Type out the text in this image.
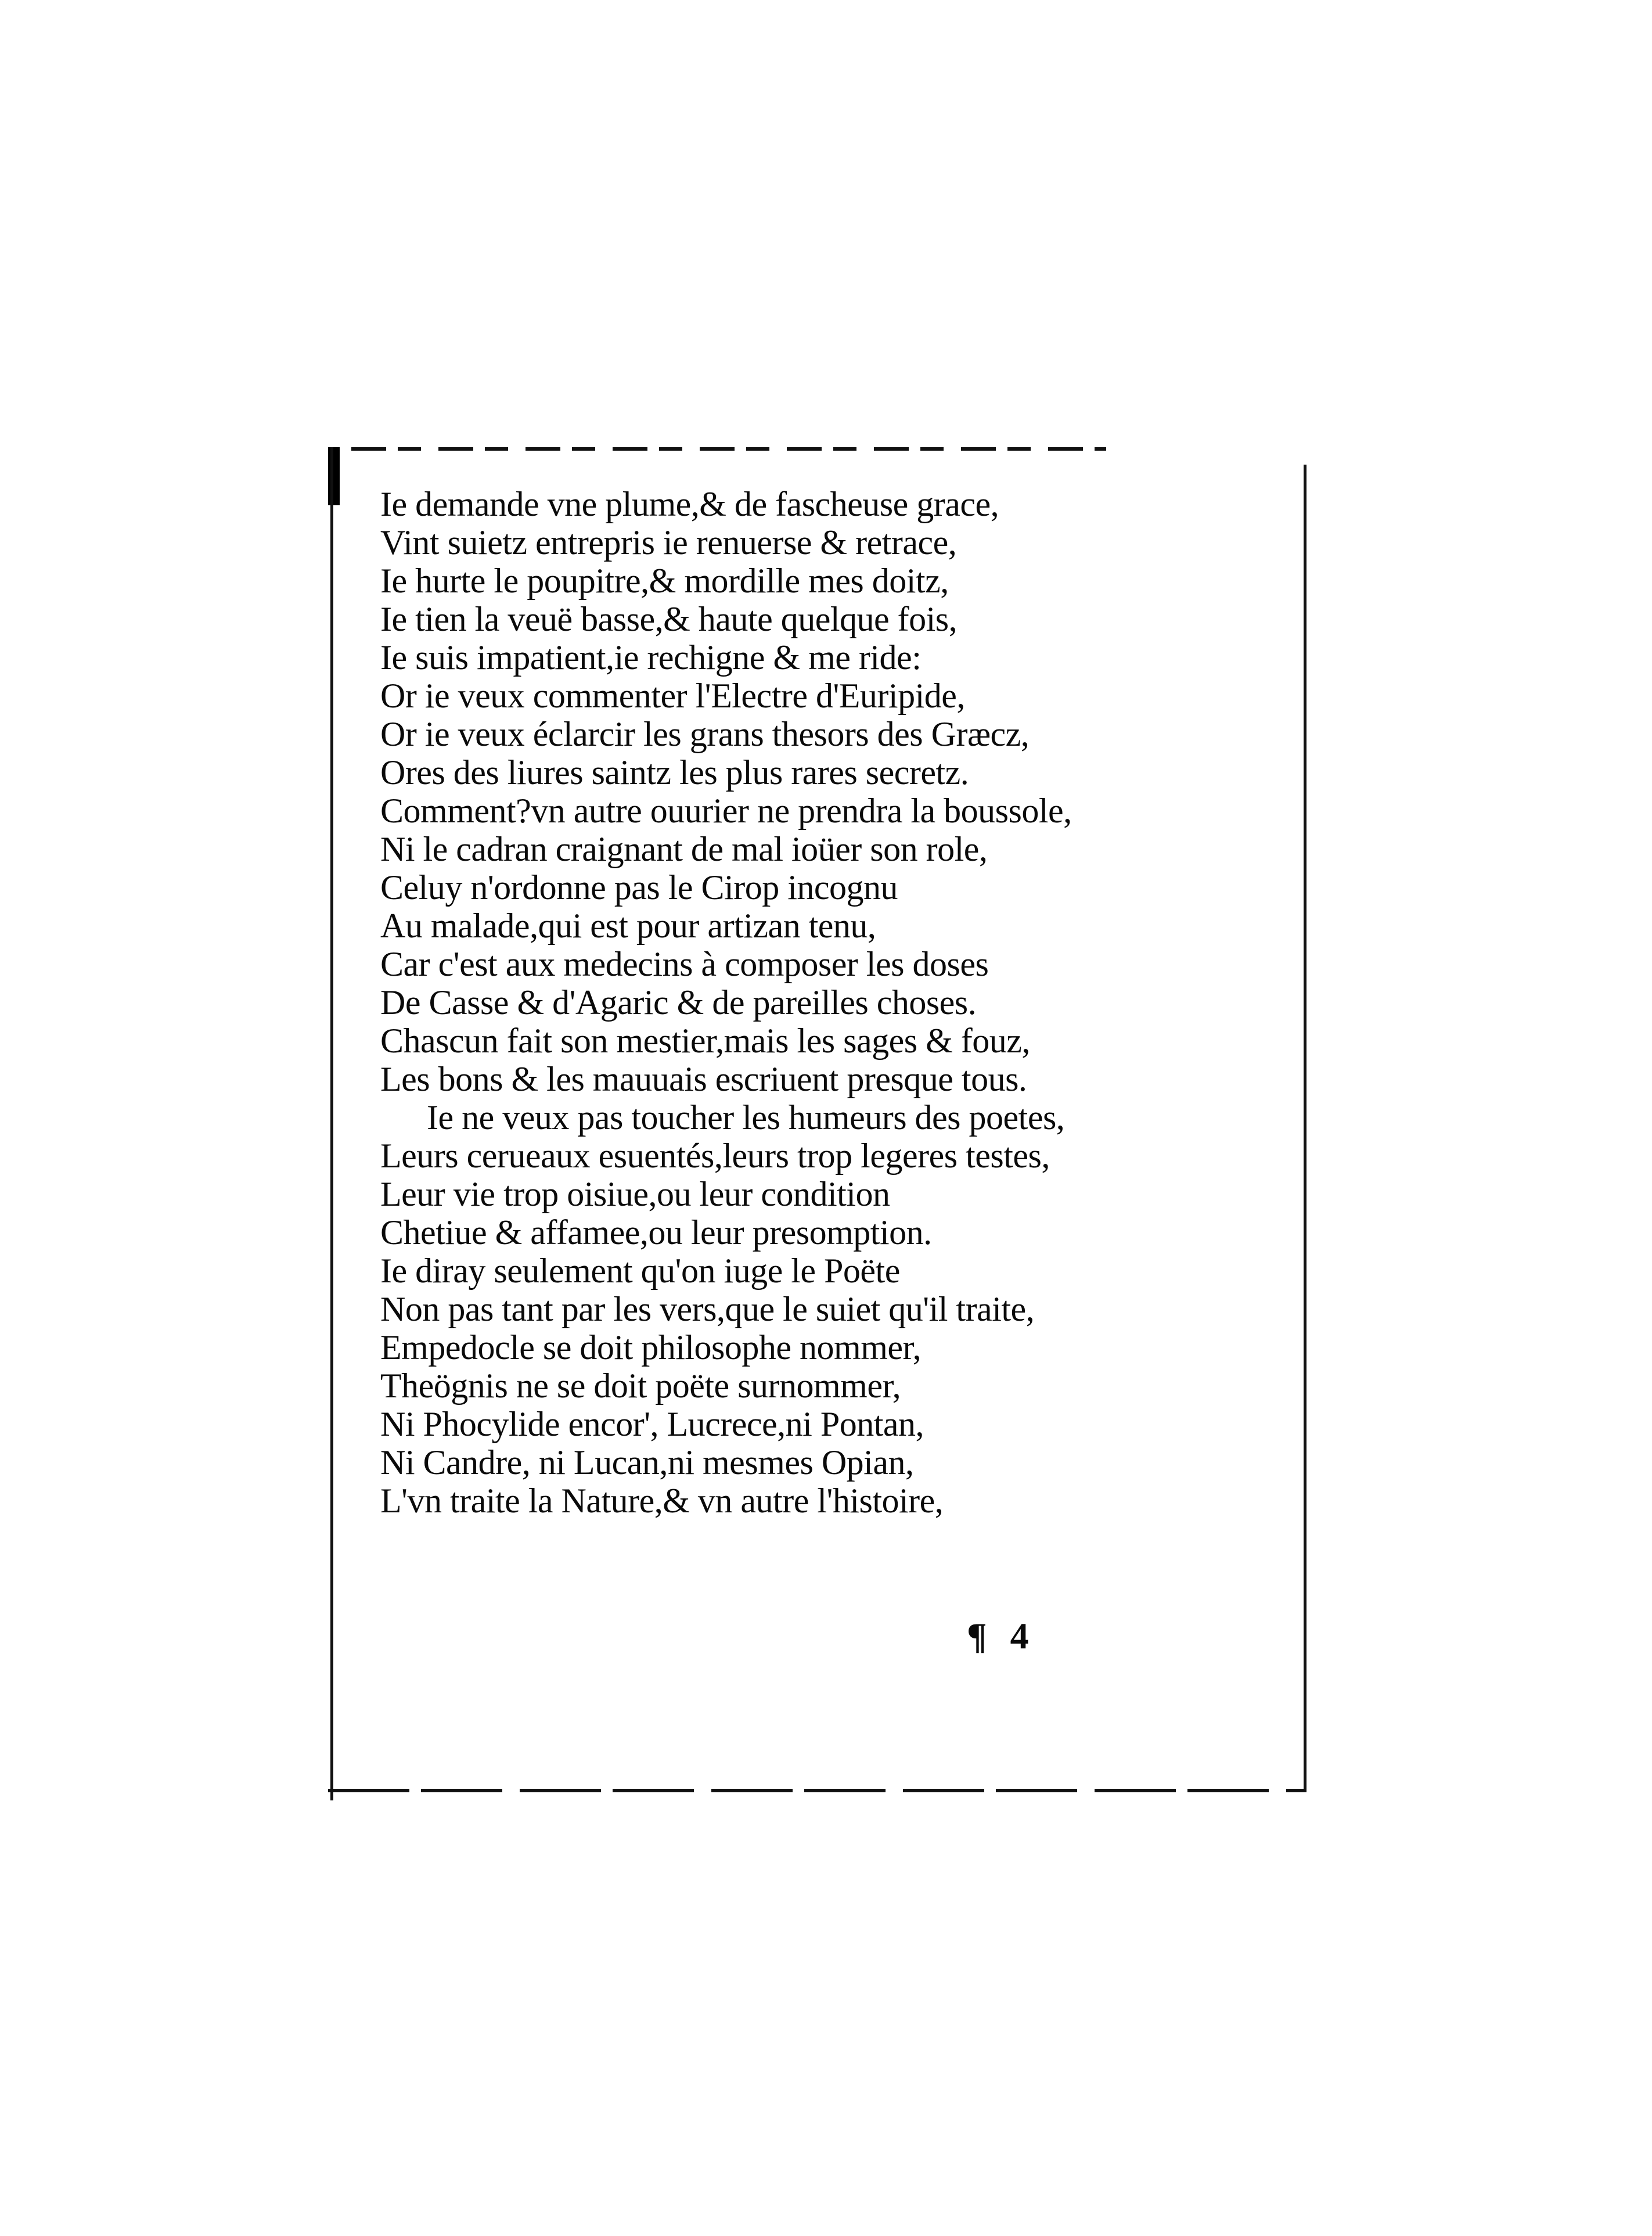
Ie demande vne plume,& de fascheuse grace,
Vint suietz entrepris ie renuerse & retrace,
Ie hurte le poupitre,& mordille mes doitz,
Ie tien la veuë basse,& haute quelque fois,
Ie suis impatient,ie rechigne & me ride:
Or ie veux commenter l'Electre d'Euripide,
Or ie veux éclarcir les grans thesors des Græcz,
Ores des liures saintz les plus rares secretz.
Comment?vn autre ouurier ne prendra la boussole,
Ni le cadran craignant de mal ioüer son role,
Celuy n'ordonne pas le Cirop incognu
Au malade,qui est pour artizan tenu,
Car c'est aux medecins à composer les doses
De Casse & d'Agaric & de pareilles choses.
Chascun fait son mestier,mais les sages & fouz,
Les bons & les mauuais escriuent presque tous.
Ie ne veux pas toucher les humeurs des poetes,
Leurs cerueaux esuentés,leurs trop legeres testes,
Leur vie trop oisiue,ou leur condition
Chetiue & affamee,ou leur presomption.
Ie diray seulement qu'on iuge le Poëte
Non pas tant par les vers,que le suiet qu'il traite,
Empedocle se doit philosophe nommer,
Theögnis ne se doit poëte surnommer,
Ni Phocylide encor', Lucrece,ni Pontan,
Ni Candre, ni Lucan,ni mesmes Opian,
L'vn traite la Nature,& vn autre l'histoire,
¶ 4
